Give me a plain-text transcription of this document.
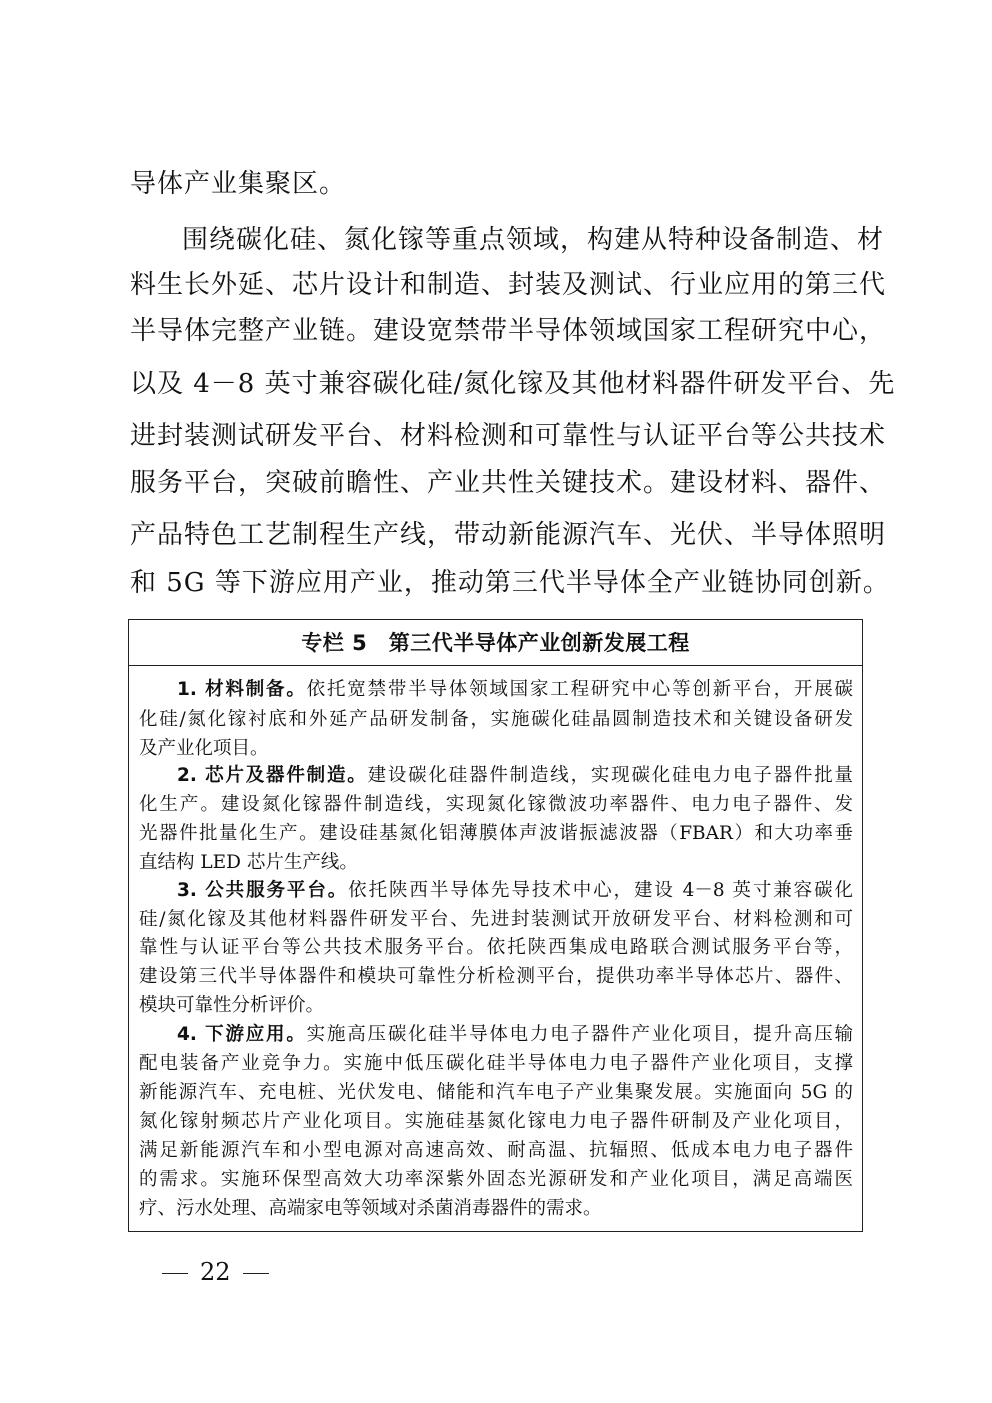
导体产业集聚区。
围绕碳化硅、氮化镓等重点领域，构建从特种设备制造、材
料生长外延、芯片设计和制造、封装及测试、行业应用的第三代
半导体完整产业链。建设宽禁带半导体领域国家工程研究中心，
以及 4－8 英寸兼容碳化硅/氮化镓及其他材料器件研发平台、先
进封装测试研发平台、材料检测和可靠性与认证平台等公共技术
服务平台，突破前瞻性、产业共性关键技术。建设材料、器件、
产品特色工艺制程生产线，带动新能源汽车、光伏、半导体照明
和 5G 等下游应用产业，推动第三代半导体全产业链协同创新。
专栏 5　第三代半导体产业创新发展工程
1. 材料制备。依托宽禁带半导体领域国家工程研究中心等创新平台，开展碳
化硅/氮化镓衬底和外延产品研发制备，实施碳化硅晶圆制造技术和关键设备研发
及产业化项目。
2. 芯片及器件制造。建设碳化硅器件制造线，实现碳化硅电力电子器件批量
化生产。建设氮化镓器件制造线，实现氮化镓微波功率器件、电力电子器件、发
光器件批量化生产。建设硅基氮化铝薄膜体声波谐振滤波器（FBAR）和大功率垂
直结构 LED 芯片生产线。
3. 公共服务平台。依托陕西半导体先导技术中心，建设 4－8 英寸兼容碳化
硅/氮化镓及其他材料器件研发平台、先进封装测试开放研发平台、材料检测和可
靠性与认证平台等公共技术服务平台。依托陕西集成电路联合测试服务平台等，
建设第三代半导体器件和模块可靠性分析检测平台，提供功率半导体芯片、器件、
模块可靠性分析评价。
4. 下游应用。实施高压碳化硅半导体电力电子器件产业化项目，提升高压输
配电装备产业竞争力。实施中低压碳化硅半导体电力电子器件产业化项目，支撑
新能源汽车、充电桩、光伏发电、储能和汽车电子产业集聚发展。实施面向 5G 的
氮化镓射频芯片产业化项目。实施硅基氮化镓电力电子器件研制及产业化项目，
满足新能源汽车和小型电源对高速高效、耐高温、抗辐照、低成本电力电子器件
的需求。实施环保型高效大功率深紫外固态光源研发和产业化项目，满足高端医
疗、污水处理、高端家电等领域对杀菌消毒器件的需求。
22
